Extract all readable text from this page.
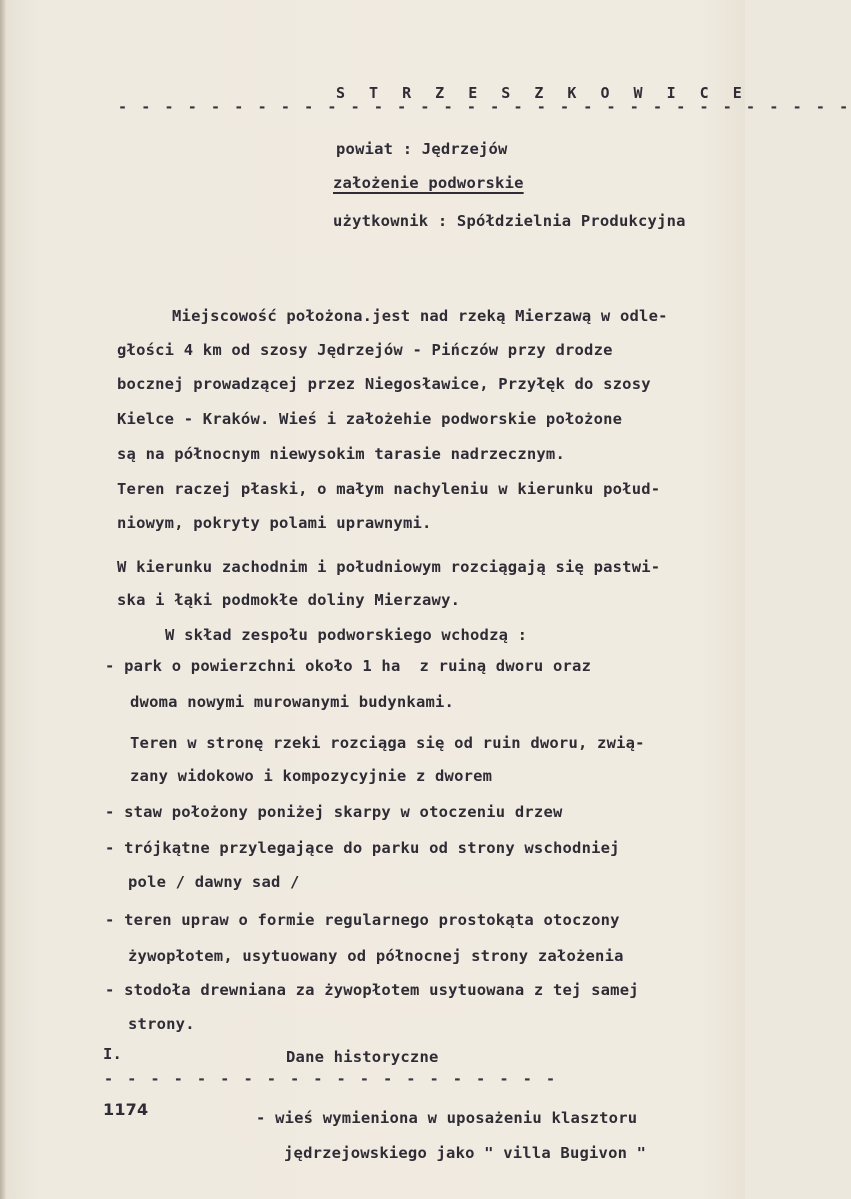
S T R Z E S Z K O W I C E
- - - - - - - - - - - - - - - - - - - - - - - - - - - - - - - -
powiat : Jędrzejów
założenie podworskie
użytkownik : Spółdzielnia Produkcyjna
Miejscowość położona.jest nad rzeką Mierzawą w odle-
głości 4 km od szosy Jędrzejów - Pińczów przy drodze
bocznej prowadzącej przez Niegosławice, Przyłęk do szosy
Kielce - Kraków. Wieś i założehie podworskie położone
są na północnym niewysokim tarasie nadrzecznym.
Teren raczej płaski, o małym nachyleniu w kierunku połud-
niowym, pokryty polami uprawnymi.
W kierunku zachodnim i południowym rozciągają się pastwi-
ska i łąki podmokłe doliny Mierzawy.
W skład zespołu podworskiego wchodzą :
- park o powierzchni około 1 ha  z ruiną dworu oraz
dwoma nowymi murowanymi budynkami.
Teren w stronę rzeki rozciąga się od ruin dworu, zwią-
zany widokowo i kompozycyjnie z dworem
- staw położony poniżej skarpy w otoczeniu drzew
- trójkątne przylegające do parku od strony wschodniej
pole / dawny sad /
- teren upraw o formie regularnego prostokąta otoczony
żywopłotem, usytuowany od północnej strony założenia
- stodoła drewniana za żywopłotem usytuowana z tej samej
strony.
I.	Dane historyczne
- - - - - - - - - - - - - - - - - - - -
1174	- wieś wymieniona w uposażeniu klasztoru
jędrzejowskiego jako " villa Bugivon "
